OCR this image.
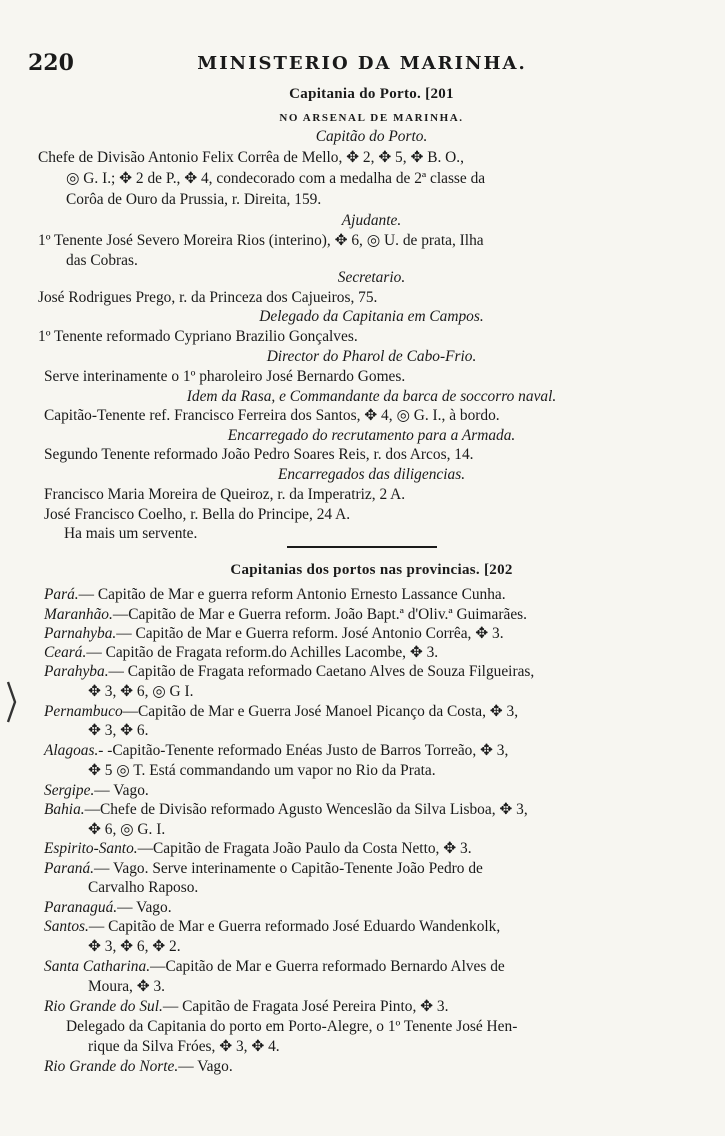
220	MINISTERIO DA MARINHA.
Capitania do Porto. [201
NO ARSENAL DE MARINHA.
Capitão do Porto.
Chefe de Divisão Antonio Felix Corrêa de Mello, ✥ 2, ✥ 5, ✥ B. O.,
◎ G. I.; ✥ 2 de P., ✥ 4, condecorado com a medalha de 2ª classe da
Corôa de Ouro da Prussia, r. Direita, 159.
Ajudante.
1º Tenente José Severo Moreira Rios (interino), ✥ 6, ◎ U. de prata, Ilha
das Cobras.
Secretario.
José Rodrigues Prego, r. da Princeza dos Cajueiros, 75.
Delegado da Capitania em Campos.
1º Tenente reformado Cypriano Brazilio Gonçalves.
Director do Pharol de Cabo-Frio.
Serve interinamente o 1º pharoleiro José Bernardo Gomes.
Idem da Rasa, e Commandante da barca de soccorro naval.
Capitão-Tenente ref. Francisco Ferreira dos Santos, ✥ 4, ◎ G. I., à bordo.
Encarregado do recrutamento para a Armada.
Segundo Tenente reformado João Pedro Soares Reis, r. dos Arcos, 14.
Encarregados das diligencias.
Francisco Maria Moreira de Queiroz, r. da Imperatriz, 2 A.
José Francisco Coelho, r. Bella do Principe, 24 A.
Ha mais um servente.
Capitanias dos portos nas provincias. [202
Pará.— Capitão de Mar e guerra reform Antonio Ernesto Lassance Cunha.
Maranhão.—Capitão de Mar e Guerra reform. João Bapt.ª d'Oliv.ª Guimarães.
Parnahyba.— Capitão de Mar e Guerra reform. José Antonio Corrêa, ✥ 3.
Ceará.— Capitão de Fragata reform.do Achilles Lacombe, ✥ 3.
Parahyba.— Capitão de Fragata reformado Caetano Alves de Souza Filgueiras,
✥ 3, ✥ 6, ◎ G I.
Pernambuco—Capitão de Mar e Guerra José Manoel Picanço da Costa, ✥ 3,
✥ 3, ✥ 6.
Alagoas.- -Capitão-Tenente reformado Enéas Justo de Barros Torreão, ✥ 3,
✥ 5 ◎ T. Está commandando um vapor no Rio da Prata.
Sergipe.— Vago.
Bahia.—Chefe de Divisão reformado Agusto Wenceslão da Silva Lisboa, ✥ 3,
✥ 6, ◎ G. I.
Espirito-Santo.—Capitão de Fragata João Paulo da Costa Netto, ✥ 3.
Paraná.— Vago. Serve interinamente o Capitão-Tenente João Pedro de
Carvalho Raposo.
Paranaguá.— Vago.
Santos.— Capitão de Mar e Guerra reformado José Eduardo Wandenkolk,
✥ 3, ✥ 6, ✥ 2.
Santa Catharina.—Capitão de Mar e Guerra reformado Bernardo Alves de
Moura, ✥ 3.
Rio Grande do Sul.— Capitão de Fragata José Pereira Pinto, ✥ 3.
Delegado da Capitania do porto em Porto-Alegre, o 1º Tenente José Hen-
rique da Silva Fróes, ✥ 3, ✥ 4.
Rio Grande do Norte.— Vago.
